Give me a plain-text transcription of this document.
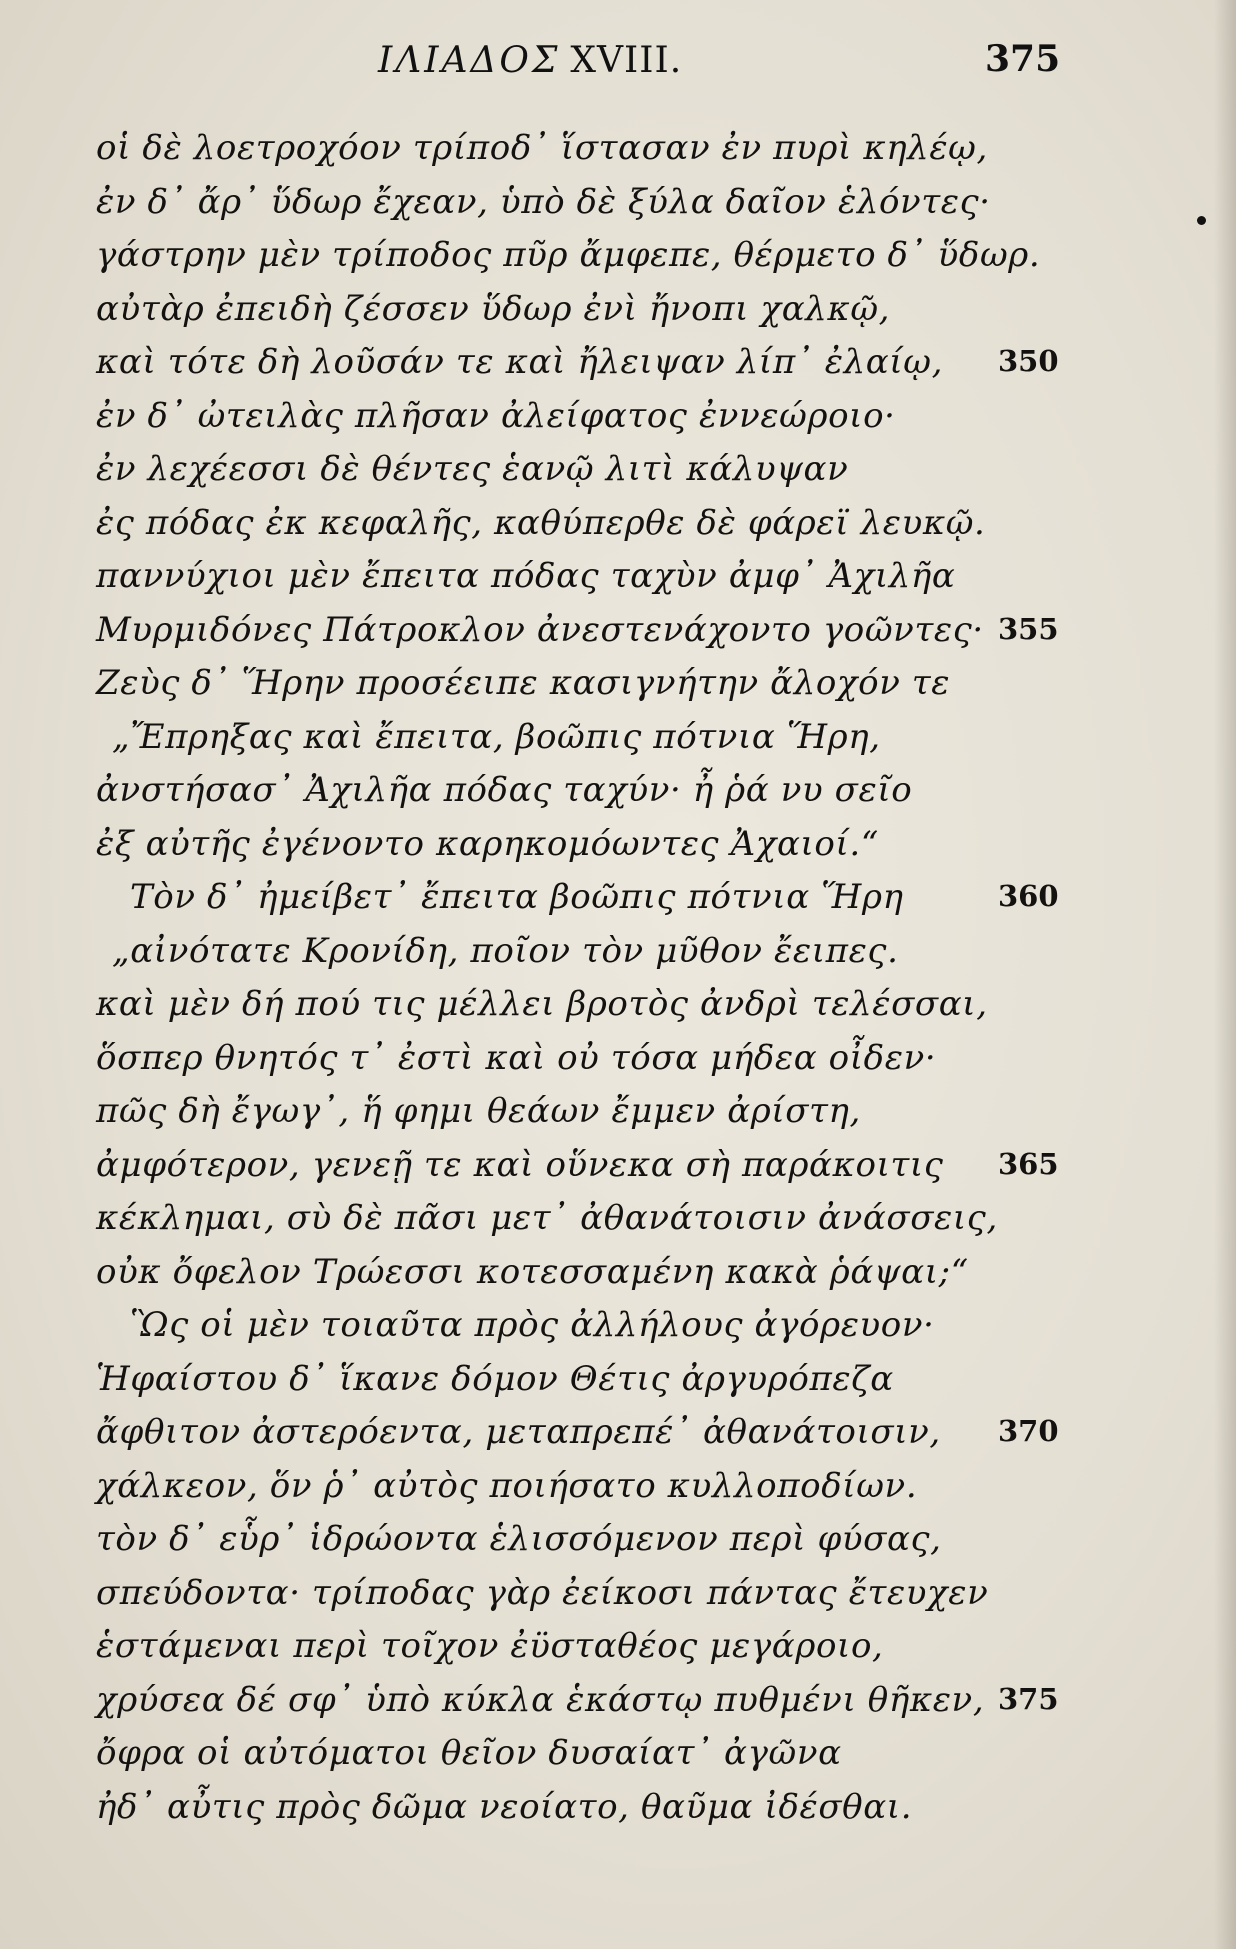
ΙΛΙΑΔΟΣ XVIII.	375
οἱ δὲ λοετροχόον τρίποδ᾽ ἵστασαν ἐν πυρὶ κηλέῳ,
ἐν δ᾽ ἄρ᾽ ὕδωρ ἔχεαν, ὑπὸ δὲ ξύλα δαῖον ἑλόντες·
γάστρην μὲν τρίποδος πῦρ ἄμφεπε, θέρμετο δ᾽ ὕδωρ.
αὐτὰρ ἐπειδὴ ζέσσεν ὕδωρ ἐνὶ ἤνοπι χαλκῷ,
καὶ τότε δὴ λοῦσάν τε καὶ ἤλειψαν λίπ᾽ ἐλαίῳ, 350
ἐν δ᾽ ὠτειλὰς πλῆσαν ἀλείφατος ἐννεώροιο·
ἐν λεχέεσσι δὲ θέντες ἑανῷ λιτὶ κάλυψαν
ἐς πόδας ἐκ κεφαλῆς, καθύπερθε δὲ φάρεϊ λευκῷ.
παννύχιοι μὲν ἔπειτα πόδας ταχὺν ἀμφ᾽ Ἀχιλῆα
Μυρμιδόνες Πάτροκλον ἀνεστενάχοντο γοῶντες· 355
Ζεὺς δ᾽ Ἥρην προσέειπε κασιγνήτην ἄλοχόν τε
„Ἔπρηξας καὶ ἔπειτα, βοῶπις πότνια Ἥρη,
ἀνστήσασ᾽ Ἀχιλῆα πόδας ταχύν· ἦ ῥά νυ σεῖο
ἐξ αὐτῆς ἐγένοντο καρηκομόωντες Ἀχαιοί.“
Τὸν δ᾽ ἠμείβετ᾽ ἔπειτα βοῶπις πότνια Ἥρη	360
„αἰνότατε Κρονίδη, ποῖον τὸν μῦθον ἔειπες.
καὶ μὲν δή πού τις μέλλει βροτὸς ἀνδρὶ τελέσσαι,
ὅσπερ θνητός τ᾽ ἐστὶ καὶ οὐ τόσα μήδεα οἶδεν·
πῶς δὴ ἔγωγ᾽, ἥ φημι θεάων ἔμμεν ἀρίστη,
ἀμφότερον, γενεῇ τε καὶ οὕνεκα σὴ παράκοιτις 365
κέκλημαι, σὺ δὲ πᾶσι μετ᾽ ἀθανάτοισιν ἀνάσσεις,
οὐκ ὄφελον Τρώεσσι κοτεσσαμένη κακὰ ῥάψαι;“
Ὣς οἱ μὲν τοιαῦτα πρὸς ἀλλήλους ἀγόρευον·
Ἡφαίστου δ᾽ ἵκανε δόμον Θέτις ἀργυρόπεζα
ἄφθιτον ἀστερόεντα, μεταπρεπέ᾽ ἀθανάτοισιν, 370
χάλκεον, ὅν ῥ᾽ αὐτὸς ποιήσατο κυλλοποδίων.
τὸν δ᾽ εὗρ᾽ ἱδρώοντα ἑλισσόμενον περὶ φύσας,
σπεύδοντα· τρίποδας γὰρ ἐείκοσι πάντας ἔτευχεν
ἑστάμεναι περὶ τοῖχον ἐϋσταθέος μεγάροιο,
χρύσεα δέ σφ᾽ ὑπὸ κύκλα ἑκάστῳ πυθμένι θῆκεν, 375
ὄφρα οἱ αὐτόματοι θεῖον δυσαίατ᾽ ἀγῶνα
ἠδ᾽ αὖτις πρὸς δῶμα νεοίατο, θαῦμα ἰδέσθαι.
